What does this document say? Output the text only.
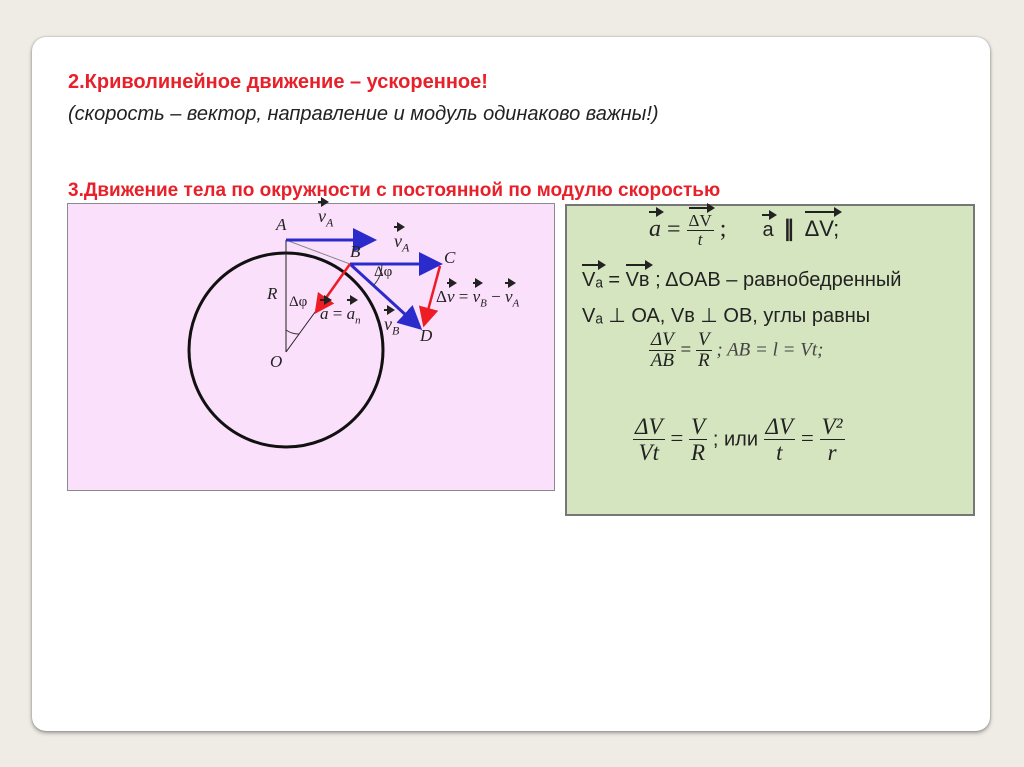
2.Криволинейное движение – ускоренное!
(скорость – вектор, направление и модуль одинаково важны!)
3.Движение тела по окружности с постоянной по модулю скоростью
A
B	C
D
O
R
$v_A$
$v_A$
$v_B$
Δφ
Δφ
$a = a_n$
$\Delta v = v_B - v_A$
$a = \frac{\Delta V}{t}$ ; a ∥ ΔV;
Vₐ = Vв ; ΔOAB – равнобедренный
Vₐ ⊥ ОА, Vв ⊥ ОВ, углы равны
$\frac{\Delta V}{AB} = \frac{V}{R}$ ; AB = l = Vt;
$\frac{\Delta V}{Vt} = \frac{V}{R}$ ; или $\frac{\Delta V}{t} = \frac{\text{V²}}{r}$
